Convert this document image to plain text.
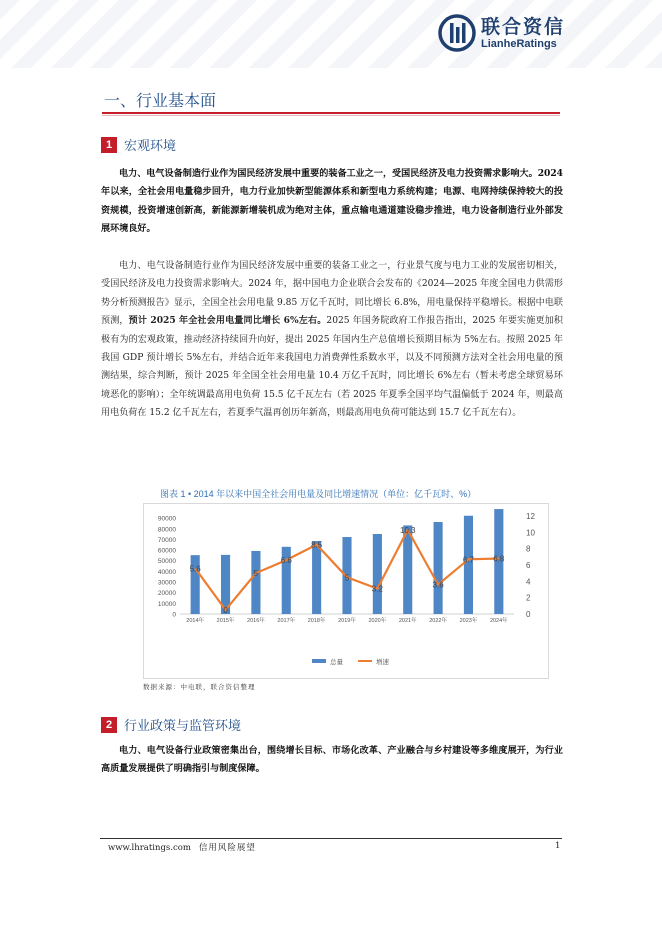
联合资信
LianheRatings
一、行业基本面
1 宏观环境

电力、电气设备制造行业作为国民经济发展中重要的装备工业之一，受国民经济及电力投资需求影响大。2024 年以来，全社会用电量稳步回升，电力行业加快新型能源体系和新型电力系统构建；电源、电网持续保持较大的投资规模，投资增速创新高，新能源新增装机成为绝对主体，重点输电通道建设稳步推进，电力设备制造行业外部发展环境良好。

电力、电气设备制造行业作为国民经济发展中重要的装备工业之一，行业景气度与电力工业的发展密切相关，受国民经济及电力投资需求影响大。2024 年，据中国电力企业联合会发布的《2024—2025 年度全国电力供需形势分析预测报告》显示，全国全社会用电量 9.85 万亿千瓦时，同比增长 6.8%，用电量保持平稳增长。根据中电联预测，预计 2025 年全社会用电量同比增长 6%左右。2025 年国务院政府工作报告指出，2025 年要实施更加积极有为的宏观政策，推动经济持续回升向好，提出 2025 年国内生产总值增长预期目标为 5%左右。按照 2025 年我国 GDP 预计增长 5%左右，并结合近年来我国电力消费弹性系数水平，以及不同预测方法对全社会用电量的预测结果，综合判断，预计 2025 年全国全社会用电量 10.4 万亿千瓦时，同比增长 6%左右（暂未考虑全球贸易环境恶化的影响）；全年统调最高用电负荷 15.5 亿千瓦左右（若 2025 年夏季全国平均气温偏低于 2024 年，则最高用电负荷在 15.2 亿千瓦左右，若夏季气温再创历年新高，则最高用电负荷可能达到 15.7 亿千瓦左右）。

图表 1 • 2014 年以来中国全社会用电量及同比增速情况（单位：亿千瓦时、%）
0
10000
20000
30000
40000
50000
60000
70000
80000
90000
0
2
4
6
8
10
12
2014年 2015年 2016年 2017年 2018年 2019年 2020年 2021年 2022年 2023年 2024年
5.6
0
5
6.6
8.5
5
3.2
10.3
3.6
6.7 6.8
总量	增速
数据来源：中电联，联合资信整理
2 行业政策与监管环境

电力、电气设备行业政策密集出台，围绕增长目标、市场化改革、产业融合与乡村建设等多维度展开，为行业高质量发展提供了明确指引与制度保障。

www.lhratings.com 信用风险展望	1
